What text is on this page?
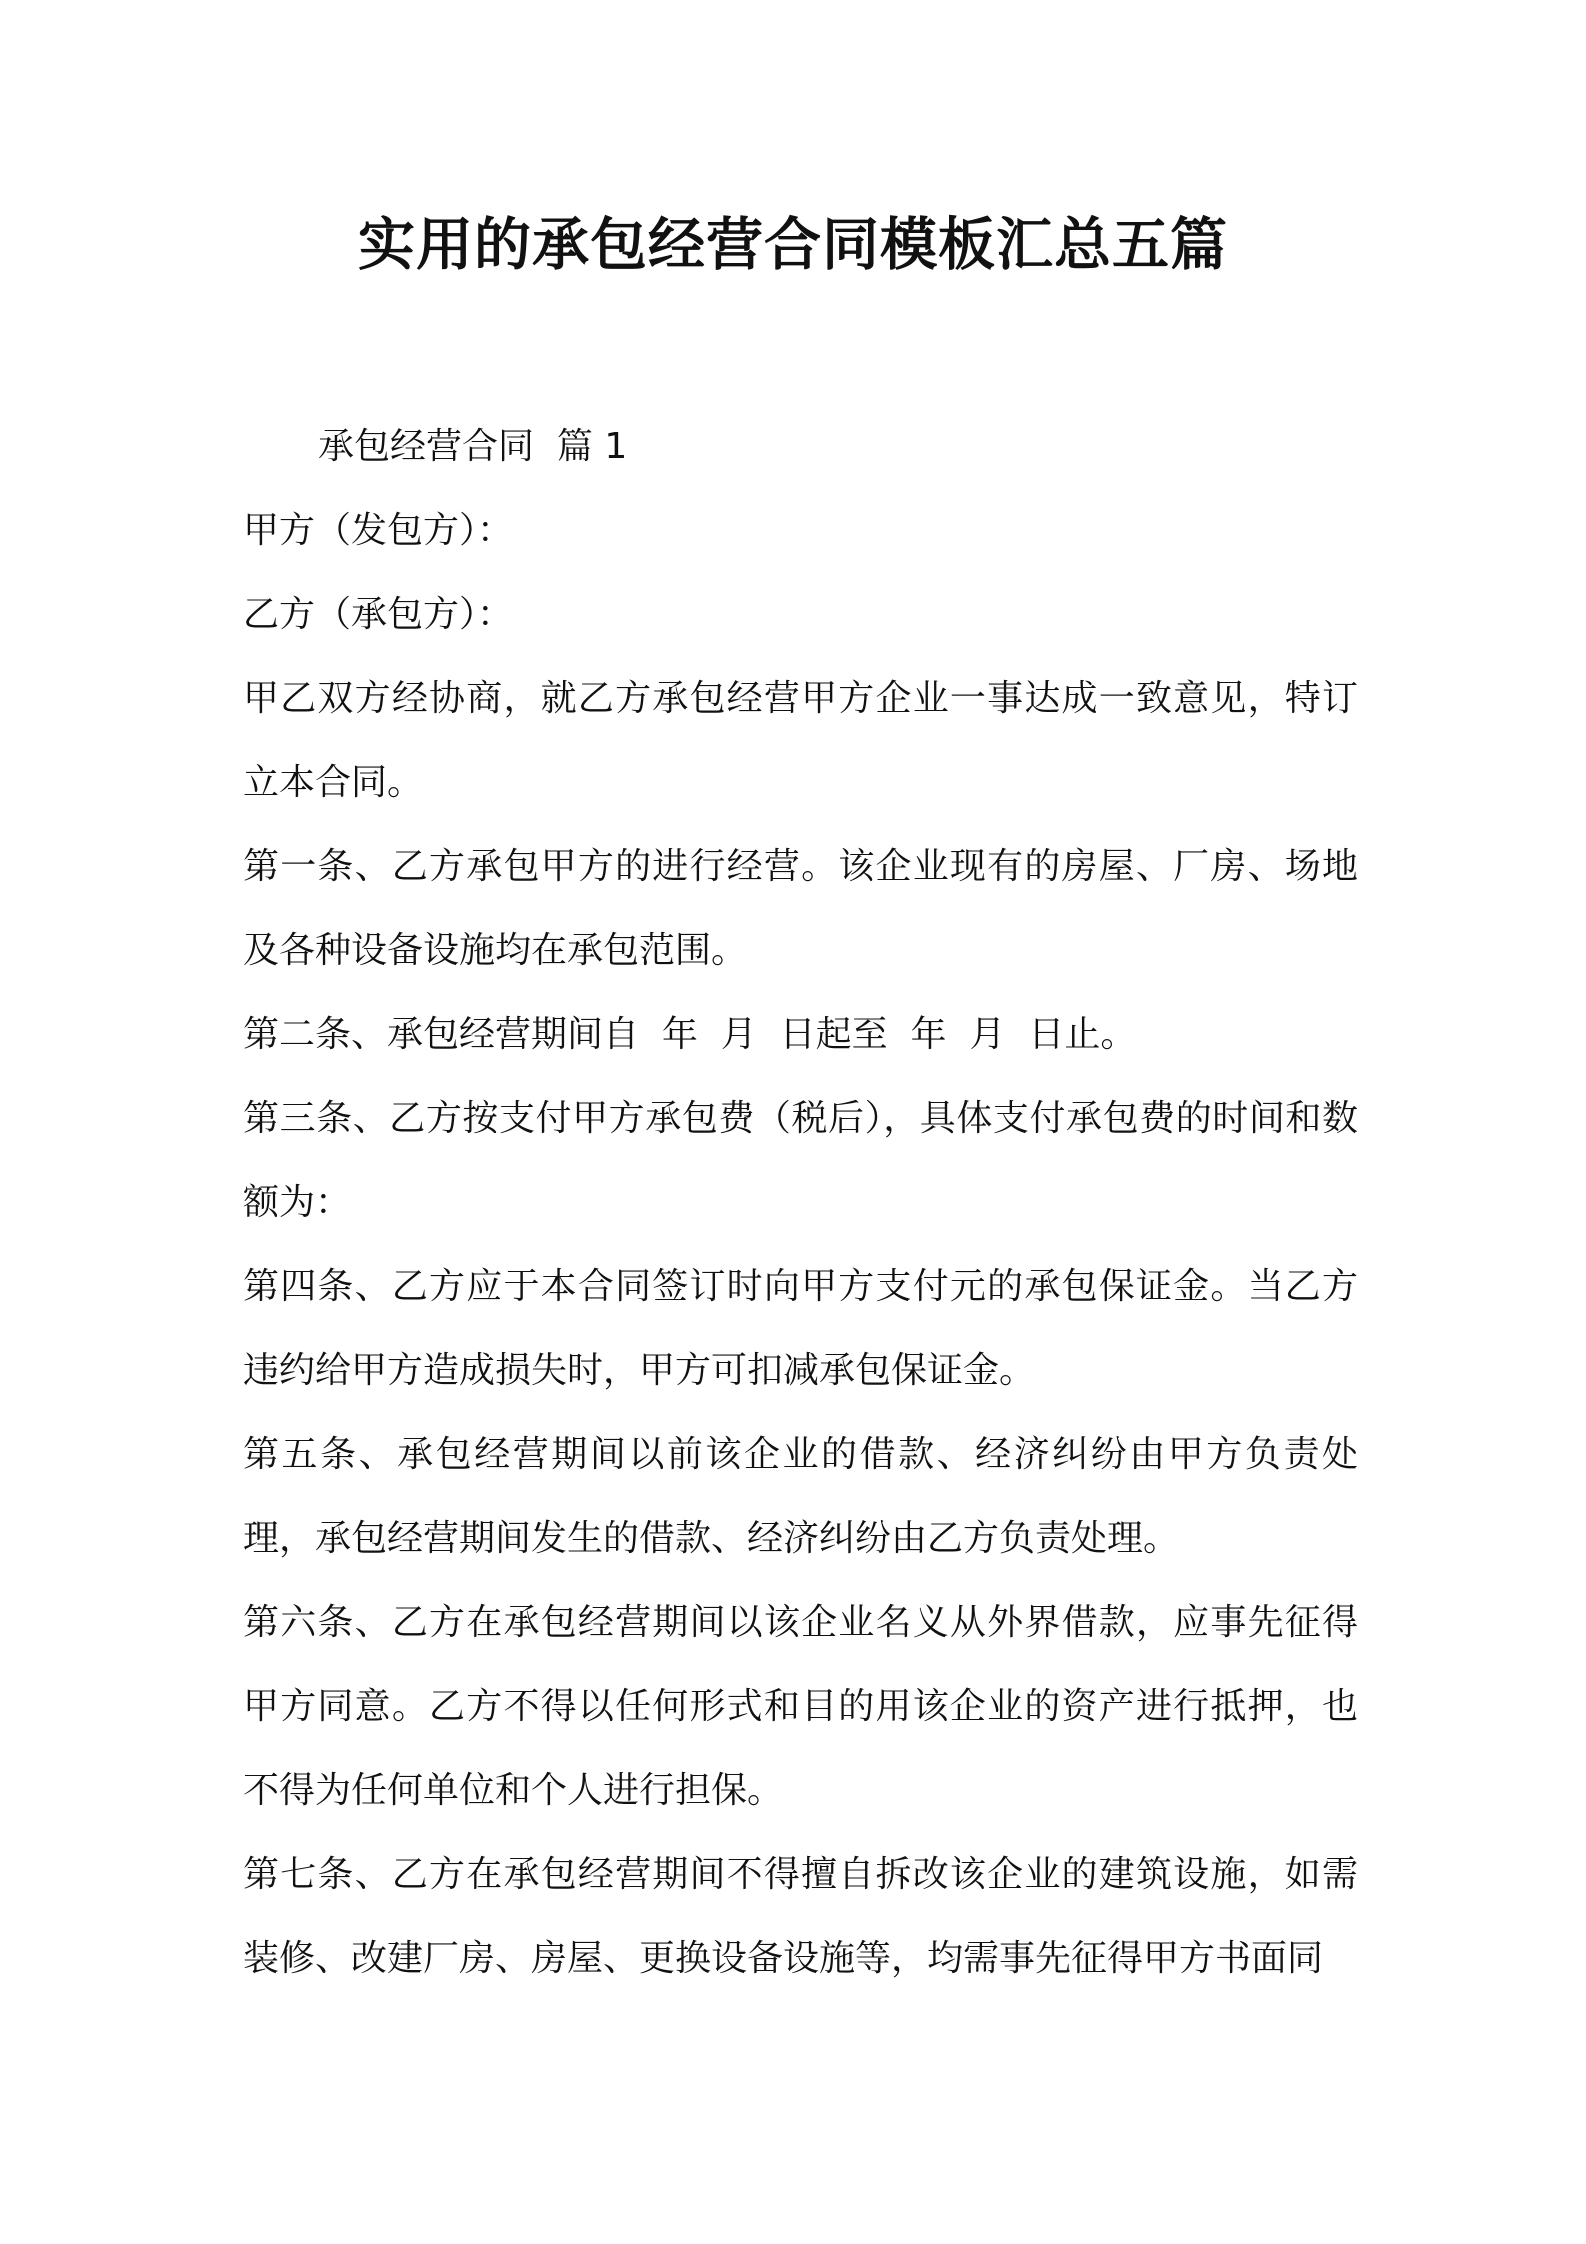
实用的承包经营合同模板汇总五篇

承包经营合同  篇 1

甲方（发包方）：

乙方（承包方）：

甲乙双方经协商，就乙方承包经营甲方企业一事达成一致意见，特订立本合同。

第一条、乙方承包甲方的进行经营。该企业现有的房屋、厂房、场地及各种设备设施均在承包范围。

第二条、承包经营期间自  年  月  日起至  年  月  日止。

第三条、乙方按支付甲方承包费（税后），具体支付承包费的时间和数额为：

第四条、乙方应于本合同签订时向甲方支付元的承包保证金。当乙方违约给甲方造成损失时，甲方可扣减承包保证金。

第五条、承包经营期间以前该企业的借款、经济纠纷由甲方负责处理，承包经营期间发生的借款、经济纠纷由乙方负责处理。

第六条、乙方在承包经营期间以该企业名义从外界借款，应事先征得甲方同意。乙方不得以任何形式和目的用该企业的资产进行抵押，也不得为任何单位和个人进行担保。

第七条、乙方在承包经营期间不得擅自拆改该企业的建筑设施，如需装修、改建厂房、房屋、更换设备设施等，均需事先征得甲方书面同
